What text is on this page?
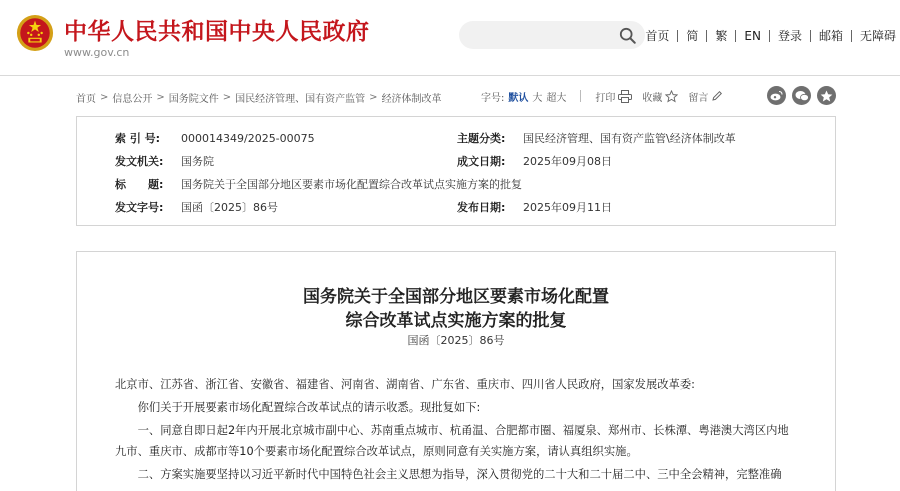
中华人民共和国中央人民政府
www.gov.cn
首页 简 繁 EN 登录 邮箱 无障碍
首页 > 信息公开 > 国务院文件 > 国民经济管理、国有资产监管 > 经济体制改革	字号: 默认 大 超大	打印	收藏	留言
索 引 号: 000014349/2025-00075	主题分类: 国民经济管理、国有资产监管\经济体制改革
发文机关: 国务院	成文日期: 2025年09月08日
标　　题: 国务院关于全国部分地区要素市场化配置综合改革试点实施方案的批复
发文字号: 国函〔2025〕86号	发布日期: 2025年09月11日
国务院关于全国部分地区要素市场化配置
综合改革试点实施方案的批复
国函〔2025〕86号
北京市、江苏省、浙江省、安徽省、福建省、河南省、湖南省、广东省、重庆市、四川省人民政府，国家发展改革委:
你们关于开展要素市场化配置综合改革试点的请示收悉。现批复如下:
一、同意自即日起2年内开展北京城市副中心、苏南重点城市、杭甬温、合肥都市圈、福厦泉、郑州市、长株潭、粤港澳大湾区内地九市、重庆市、成都市等10个要素市场化配置综合改革试点，原则同意有关实施方案，请认真组织实施。
二、方案实施要坚持以习近平新时代中国特色社会主义思想为指导，深入贯彻党的二十大和二十届二中、三中全会精神，完整准确
